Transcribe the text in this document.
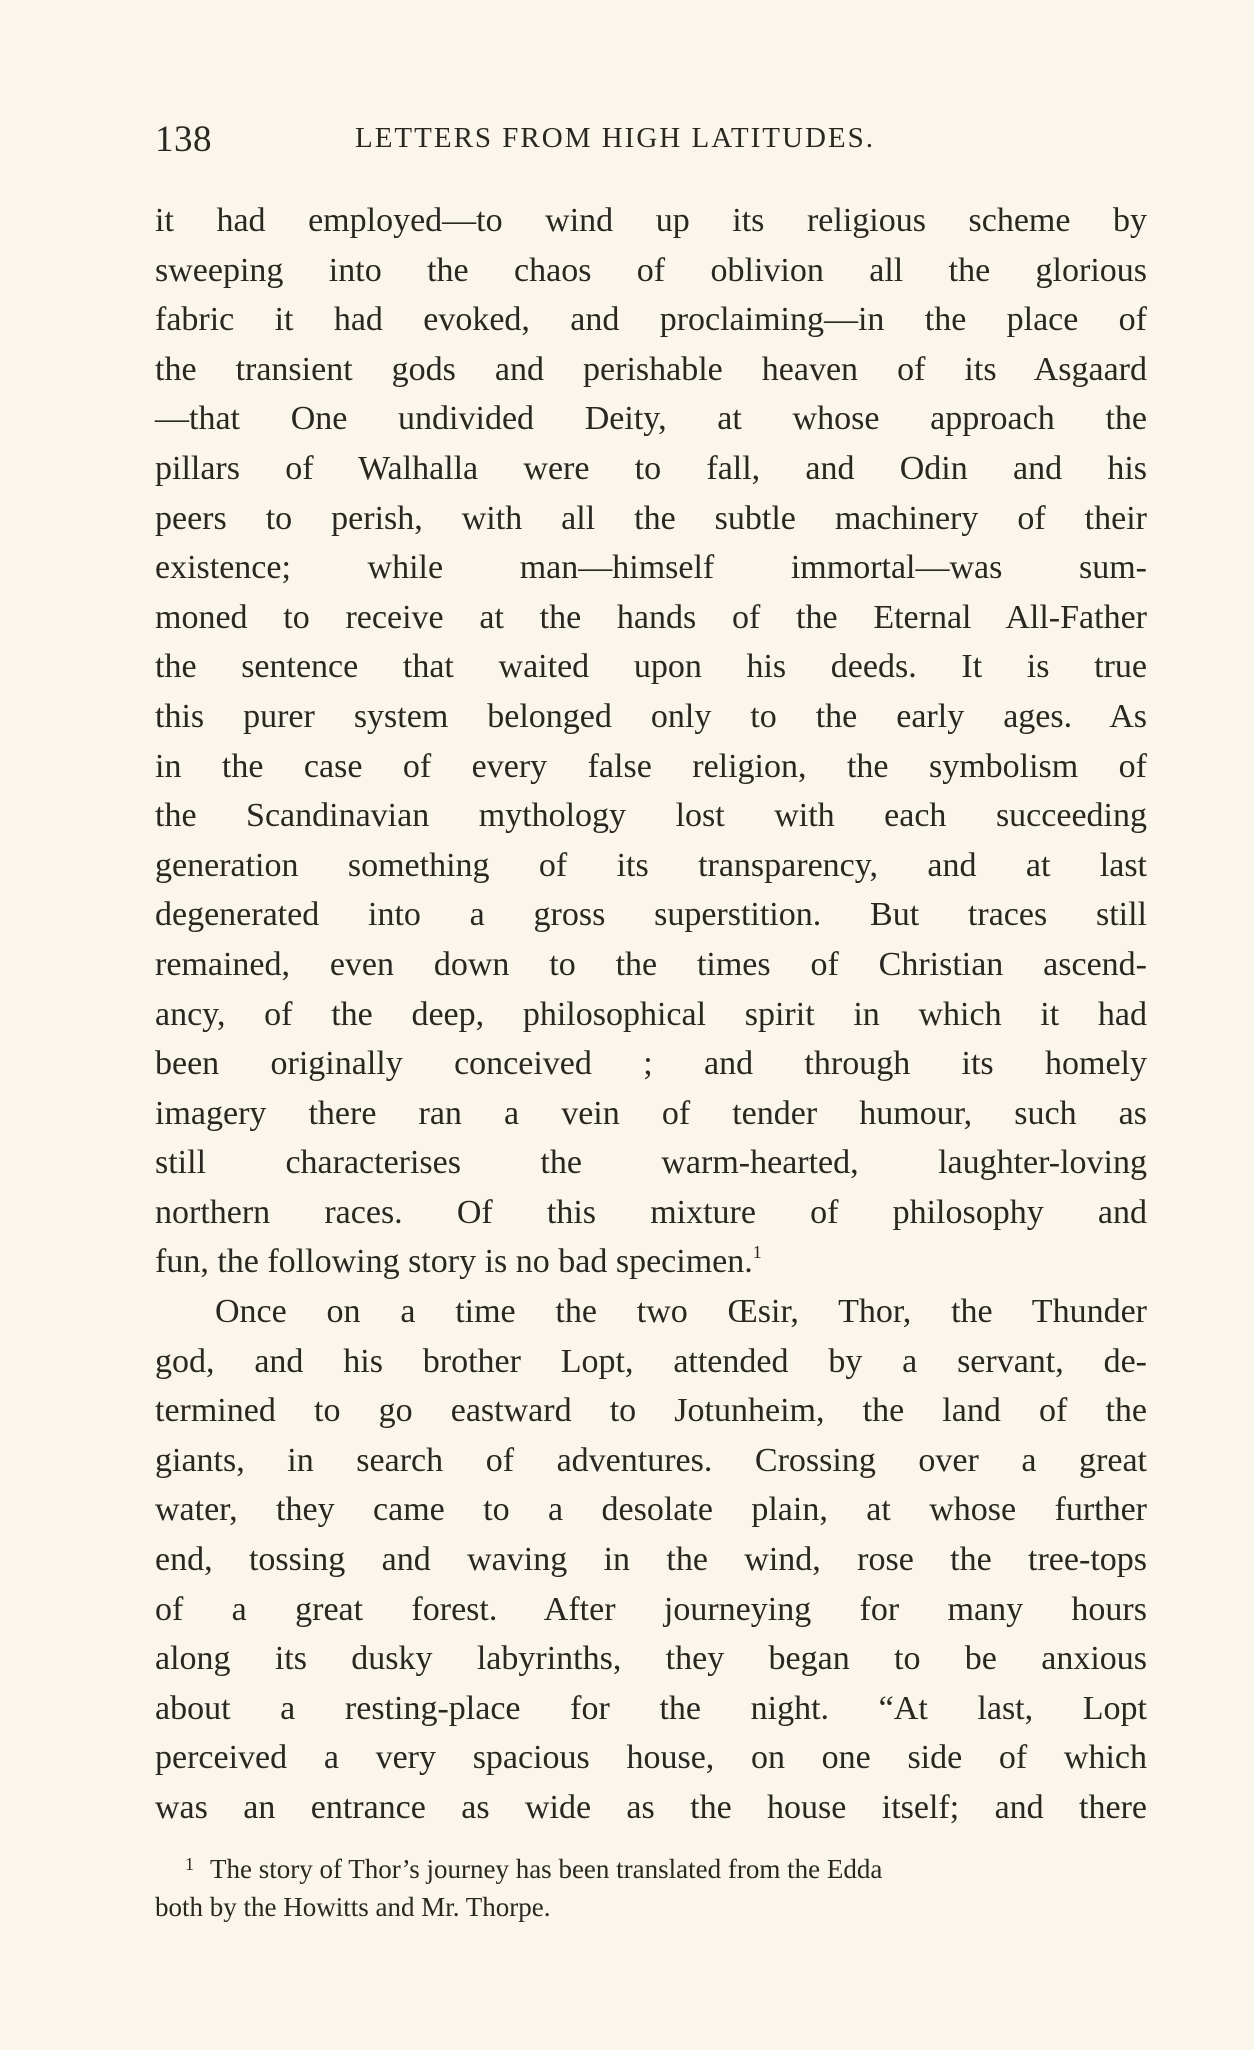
138	LETTERS FROM HIGH LATITUDES.
it had employed—to wind up its religious scheme by
sweeping into the chaos of oblivion all the glorious
fabric it had evoked, and proclaiming—in the place of
the transient gods and perishable heaven of its Asgaard
—that One undivided Deity, at whose approach the
pillars of Walhalla were to fall, and Odin and his
peers to perish, with all the subtle machinery of their
existence; while man—himself immortal—was sum-
moned to receive at the hands of the Eternal All-Father
the sentence that waited upon his deeds. It is true
this purer system belonged only to the early ages. As
in the case of every false religion, the symbolism of
the Scandinavian mythology lost with each succeeding
generation something of its transparency, and at last
degenerated into a gross superstition. But traces still
remained, even down to the times of Christian ascend-
ancy, of the deep, philosophical spirit in which it had
been originally conceived ; and through its homely
imagery there ran a vein of tender humour, such as
still characterises the warm-hearted, laughter-loving
northern races. Of this mixture of philosophy and
fun, the following story is no bad specimen.$^1$
Once on a time the two Œsir, Thor, the Thunder
god, and his brother Lopt, attended by a servant, de-
termined to go eastward to Jotunheim, the land of the
giants, in search of adventures. Crossing over a great
water, they came to a desolate plain, at whose further
end, tossing and waving in the wind, rose the tree-tops
of a great forest. After journeying for many hours
along its dusky labyrinths, they began to be anxious
about a resting-place for the night. “At last, Lopt
perceived a very spacious house, on one side of which
was an entrance as wide as the house itself; and there
$^1$ The story of Thor’s journey has been translated from the Edda
both by the Howitts and Mr. Thorpe.
